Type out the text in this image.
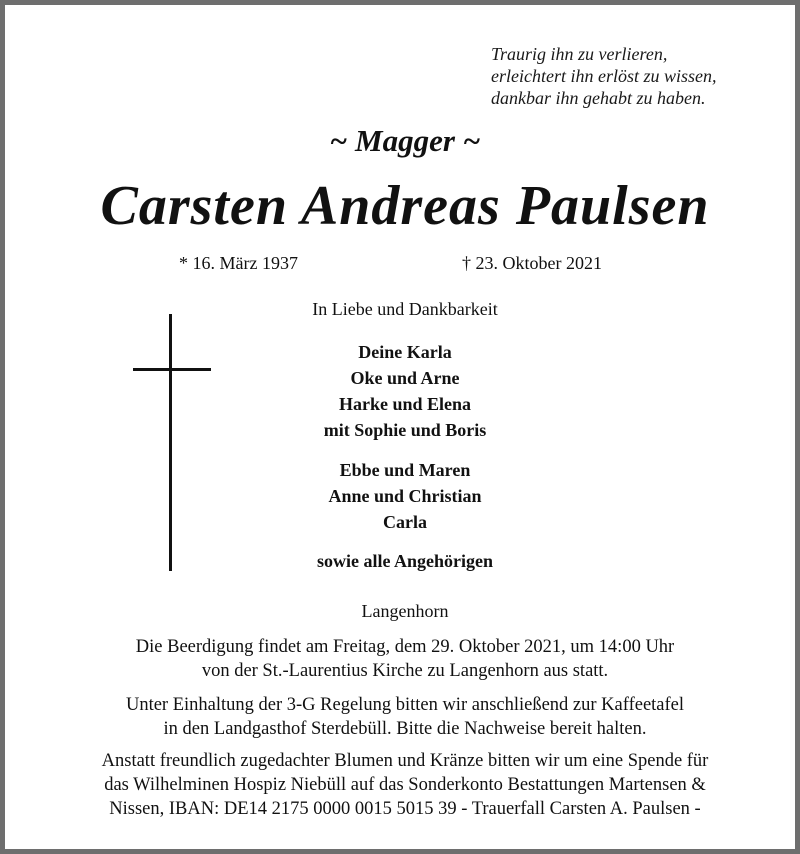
Traurig ihn zu verlieren,
erleichtert ihn erlöst zu wissen,
dankbar ihn gehabt zu haben.
~ Magger ~
Carsten Andreas Paulsen
* 16. März 1937	† 23. Oktober 2021
In Liebe und Dankbarkeit
Deine Karla
Oke und Arne
Harke und Elena
mit Sophie und Boris
Ebbe und Maren
Anne und Christian
Carla
sowie alle Angehörigen
Langenhorn
Die Beerdigung findet am Freitag, dem 29. Oktober 2021, um 14:00 Uhr
von der St.-Laurentius Kirche zu Langenhorn aus statt.
Unter Einhaltung der 3-G Regelung bitten wir anschließend zur Kaffeetafel
in den Landgasthof Sterdebüll. Bitte die Nachweise bereit halten.
Anstatt freundlich zugedachter Blumen und Kränze bitten wir um eine Spende für
das Wilhelminen Hospiz Niebüll auf das Sonderkonto Bestattungen Martensen &
Nissen, IBAN: DE14 2175 0000 0015 5015 39 - Trauerfall Carsten A. Paulsen -
